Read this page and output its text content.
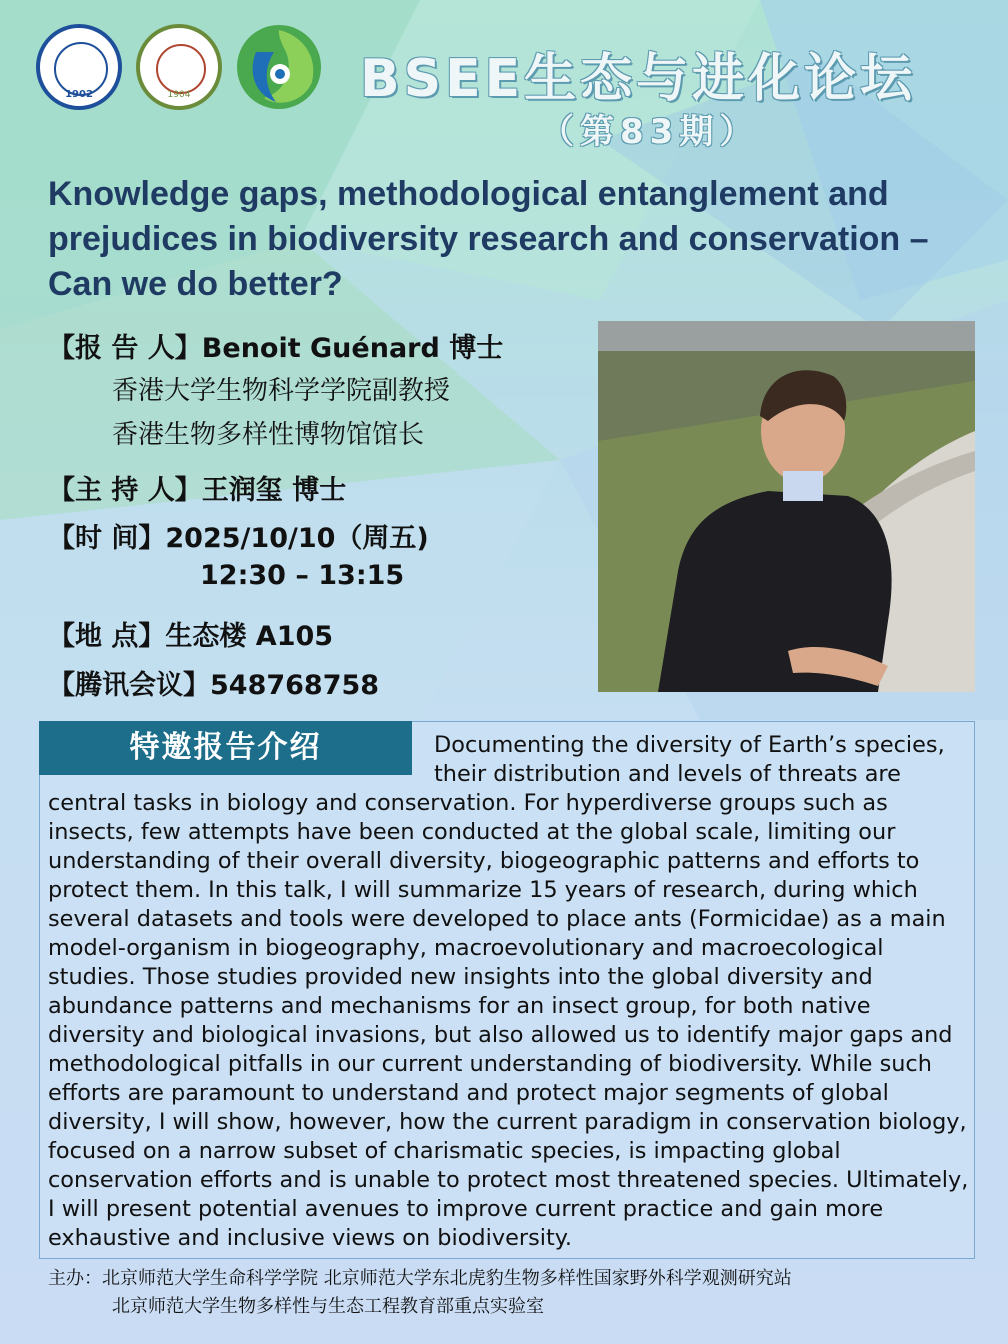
1902	1904	BSEE生态与进化论坛
（第83期）
Knowledge gaps, methodological entanglement and prejudices in biodiversity research and conservation – Can we do better?
【报 告 人】Benoit Guénard 博士
香港大学生物科学学院副教授
香港生物多样性博物馆馆长
【主 持 人】王润玺 博士
【时 间】2025/10/10（周五)
12:30 – 13:15
【地 点】生态楼 A105
【腾讯会议】548768758
特邀报告介绍	Documenting the diversity of Earth’s species, their distribution and levels of threats are central tasks in biology and conservation. For hyperdiverse groups such as insects, few attempts have been conducted at the global scale, limiting our understanding of their overall diversity, biogeographic patterns and efforts to protect them. In this talk, I will summarize 15 years of research, during which several datasets and tools were developed to place ants (Formicidae) as a main model-organism in biogeography, macroevolutionary and macroecological studies. Those studies provided new insights into the global diversity and abundance patterns and mechanisms for an insect group, for both native diversity and biological invasions, but also allowed us to identify major gaps and methodological pitfalls in our current understanding of biodiversity. While such efforts are paramount to understand and protect major segments of global diversity, I will show, however, how the current paradigm in conservation biology, focused on a narrow subset of charismatic species, is impacting global conservation efforts and is unable to protect most threatened species. Ultimately, I will present potential avenues to improve current practice and gain more exhaustive and inclusive views on biodiversity.

主办：北京师范大学生命科学学院 北京师范大学东北虎豹生物多样性国家野外科学观测研究站
北京师范大学生物多样性与生态工程教育部重点实验室
